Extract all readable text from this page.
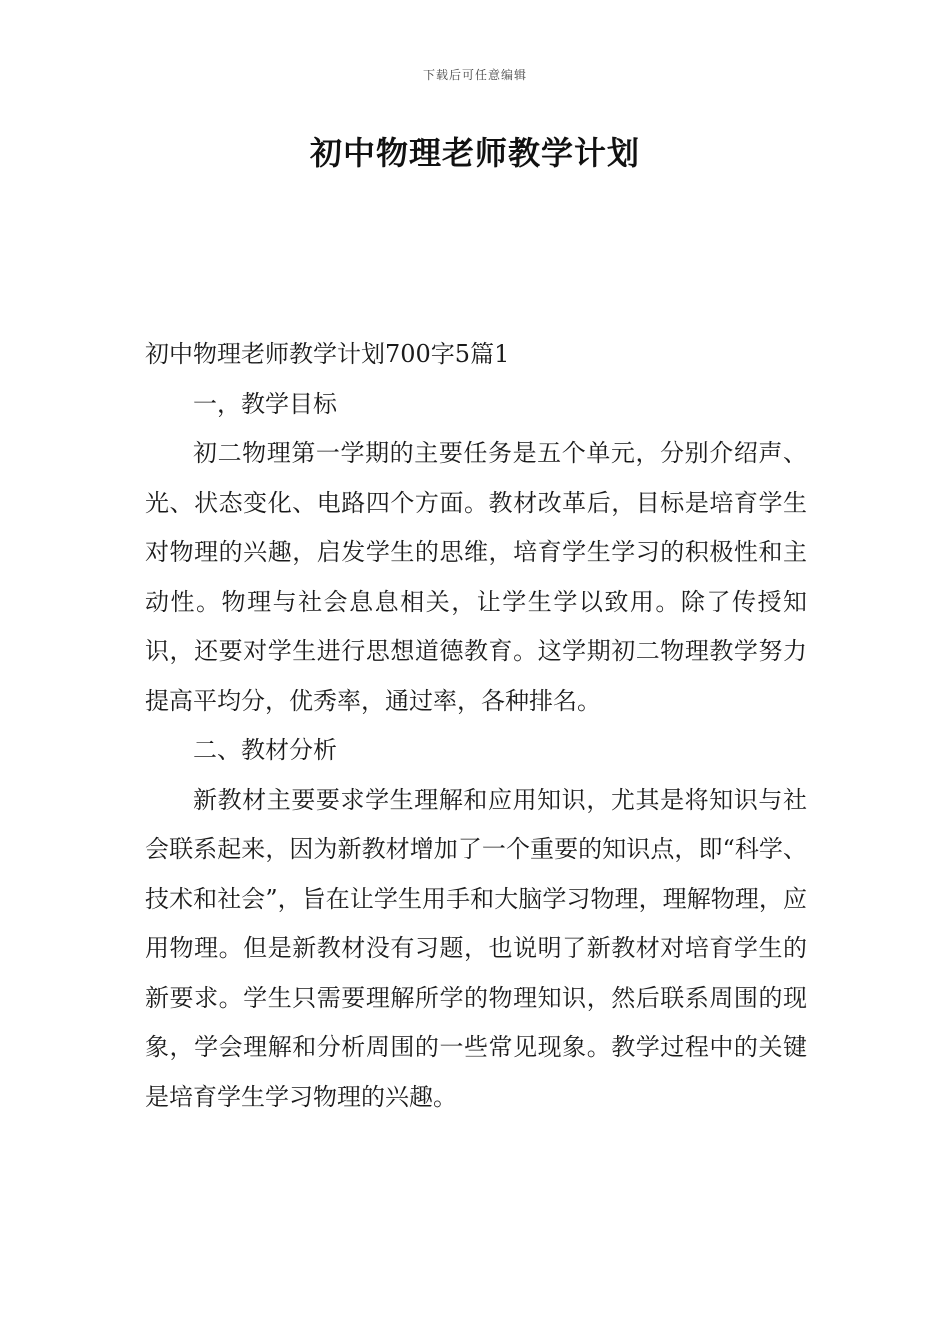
下载后可任意编辑
初中物理老师教学计划

初中物理老师教学计划700字5篇1

一，教学目标

初二物理第一学期的主要任务是五个单元，分别介绍声、光、状态变化、电路四个方面。教材改革后，目标是培育学生对物理的兴趣，启发学生的思维，培育学生学习的积极性和主动性。物理与社会息息相关，让学生学以致用。除了传授知识，还要对学生进行思想道德教育。这学期初二物理教学努力提高平均分，优秀率，通过率，各种排名。

二、教材分析

新教材主要要求学生理解和应用知识，尤其是将知识与社会联系起来，因为新教材增加了一个重要的知识点，即“科学、技术和社会”，旨在让学生用手和大脑学习物理，理解物理，应用物理。但是新教材没有习题，也说明了新教材对培育学生的新要求。学生只需要理解所学的物理知识，然后联系周围的现象，学会理解和分析周围的一些常见现象。教学过程中的关键是培育学生学习物理的兴趣。
